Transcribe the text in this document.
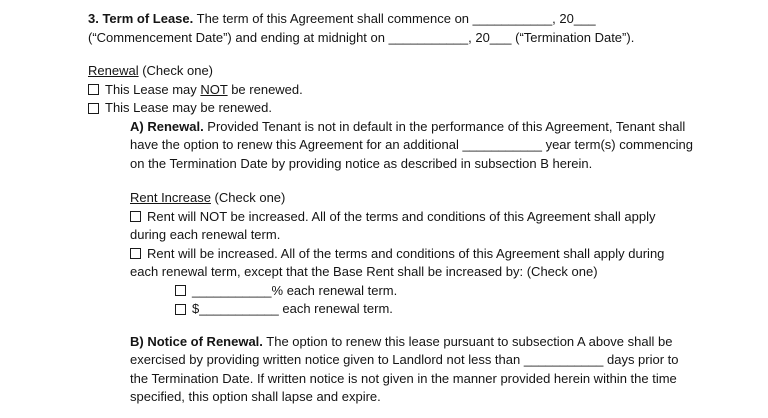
3. Term of Lease. The term of this Agreement shall commence on ___________, 20___
(“Commencement Date”) and ending at midnight on ___________, 20___ (“Termination Date”).
Renewal (Check one)
This Lease may NOT be renewed.
This Lease may be renewed.
A) Renewal. Provided Tenant is not in default in the performance of this Agreement, Tenant shall
have the option to renew this Agreement for an additional ___________ year term(s) commencing
on the Termination Date by providing notice as described in subsection B herein.
Rent Increase (Check one)
Rent will NOT be increased. All of the terms and conditions of this Agreement shall apply
during each renewal term.
Rent will be increased. All of the terms and conditions of this Agreement shall apply during
each renewal term, except that the Base Rent shall be increased by: (Check one)
___________% each renewal term.
$___________ each renewal term.
B) Notice of Renewal. The option to renew this lease pursuant to subsection A above shall be
exercised by providing written notice given to Landlord not less than ___________ days prior to
the Termination Date. If written notice is not given in the manner provided herein within the time
specified, this option shall lapse and expire.
